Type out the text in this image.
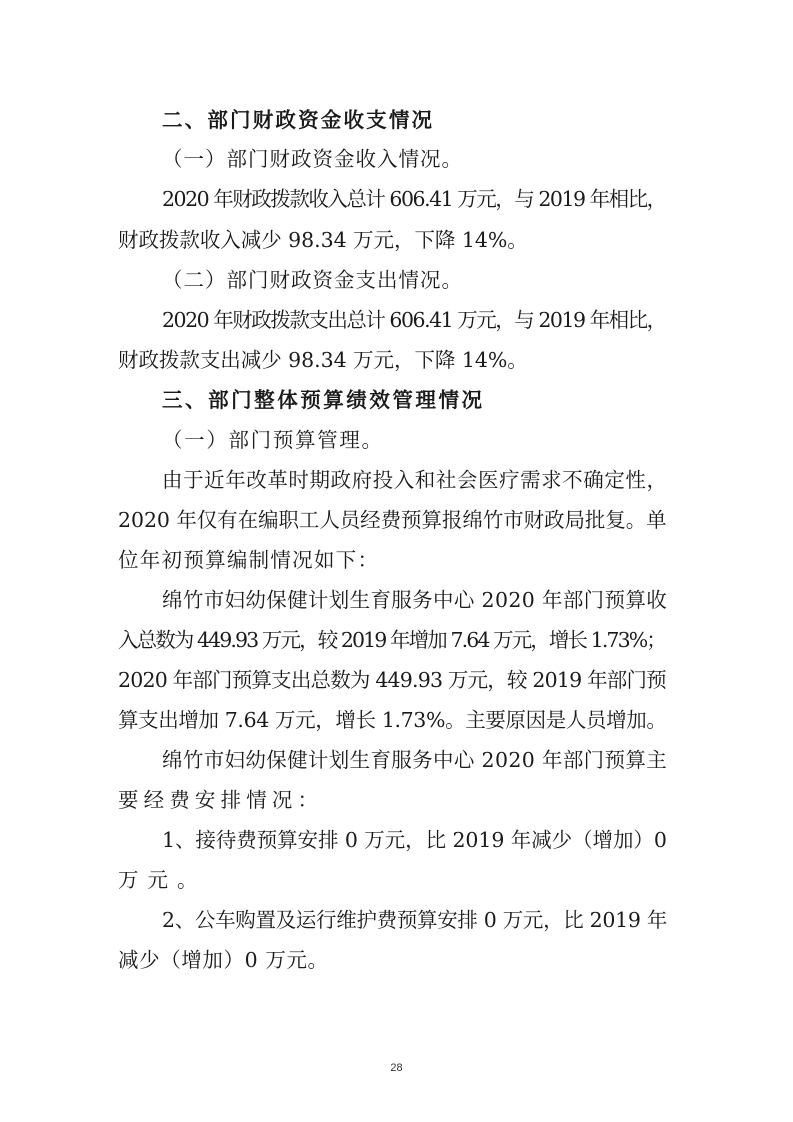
二、部门财政资金收支情况
（一）部门财政资金收入情况。
2020 年财政拨款收入总计 606.41 万元，与 2019 年相比，
财政拨款收入减少 98.34 万元，下降 14%。
（二）部门财政资金支出情况。
2020 年财政拨款支出总计 606.41 万元，与 2019 年相比，
财政拨款支出减少 98.34 万元，下降 14%。
三、部门整体预算绩效管理情况
（一）部门预算管理。
由于近年改革时期政府投入和社会医疗需求不确定性，
2020 年仅有在编职工人员经费预算报绵竹市财政局批复。单
位年初预算编制情况如下：
绵竹市妇幼保健计划生育服务中心 2020 年部门预算收
入总数为 449.93 万元，较 2019 年增加 7.64 万元，增长 1.73%；
2020 年部门预算支出总数为 449.93 万元，较 2019 年部门预
算支出增加 7.64 万元，增长 1.73%。主要原因是人员增加。
绵竹市妇幼保健计划生育服务中心 2020 年部门预算主
要经费安排情况：
1、接待费预算安排 0 万元，比 2019 年减少（增加）0
万元。
2、公车购置及运行维护费预算安排 0 万元，比 2019 年
减少（增加）0 万元。
28
